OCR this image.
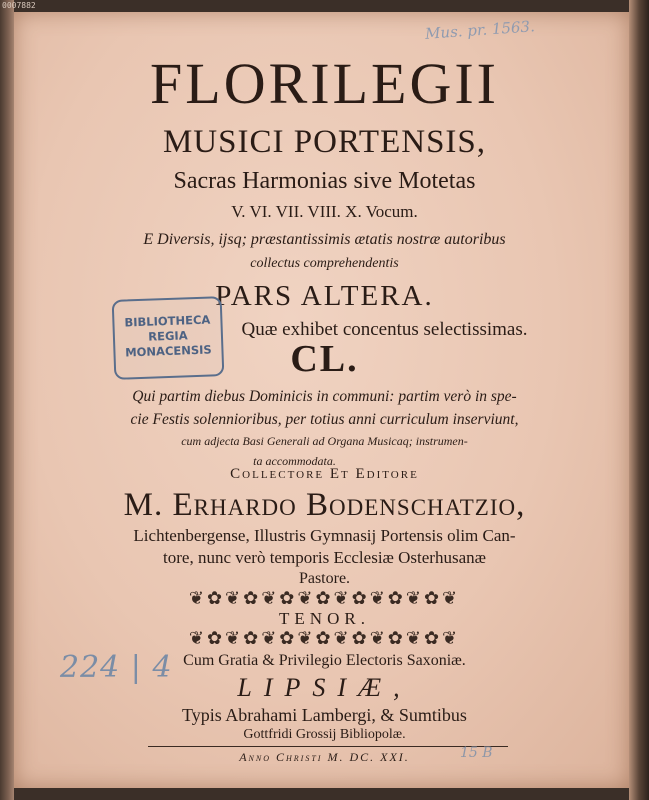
0007882
Mus. pr. 1563.
FLORILEGII
MUSICI PORTENSIS,
Sacras Harmonias sive Motetas
V. VI. VII. VIII. X. Vocum.
E Diversis, ijsq; præstantissimis ætatis nostræ autoribus
collectus comprehendentis
PARS ALTERA.
Quæ exhibet concentus selectissimas.
CL.
BIBLIOTHECA
REGIA
MONACENSIS
Qui partim diebus Dominicis in communi: partim verò in spe-
cie Festis solennioribus, per totius anni curriculum inserviunt,
cum adjecta Basi Generali ad Organa Musicaq; instrumen-
ta accommodata.
Collectore Et Editore
M. Erhardo Bodenschatzio,
Lichtenbergense, Illustris Gymnasij Portensis olim Can-
tore, nunc verò temporis Ecclesiæ Osterhusanæ
Pastore.
❦✿❦✿❦✿❦✿❦✿❦✿❦✿❦
TENOR.
❦✿❦✿❦✿❦✿❦✿❦✿❦✿❦
224 | 4 Cum Gratia & Privilegio Electoris Saxoniæ.
LIPSIÆ,
Typis Abrahami Lambergi, & Sumtibus
Gottfridi Grossij Bibliopolæ.
Anno Christi M. DC. XXI.	15 B
